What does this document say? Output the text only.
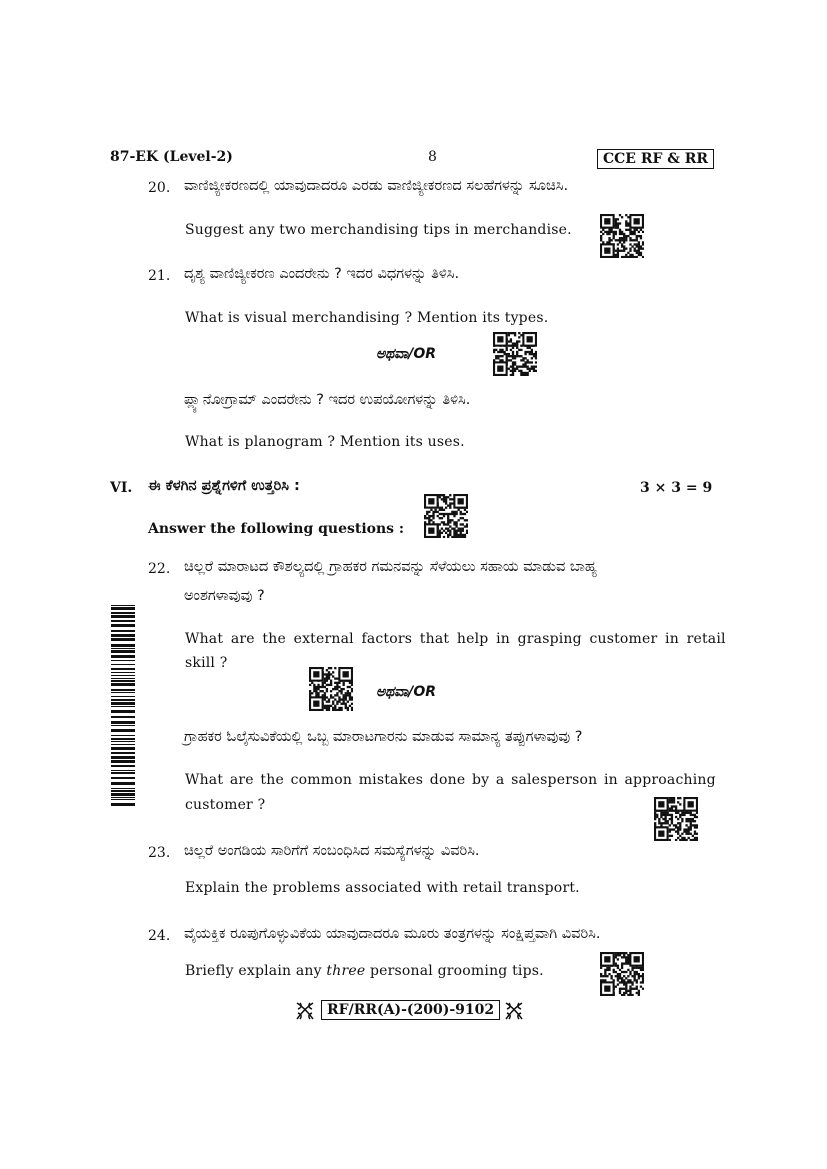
87-EK (Level-2)	8	CCE RF & RR
20. ವಾಣಿಜ್ಯೀಕರಣದಲ್ಲಿ ಯಾವುದಾದರೂ ಎರಡು ವಾಣಿಜ್ಯೀಕರಣದ ಸಲಹೆಗಳನ್ನು ಸೂಚಿಸಿ.
Suggest any two merchandising tips in merchandise.
21. ದೃಶ್ಯ ವಾಣಿಜ್ಯೀಕರಣ ಎಂದರೇನು ? ಇದರ ವಿಧಗಳನ್ನು ತಿಳಿಸಿ.
What is visual merchandising ? Mention its types.
ಅಥವಾ/OR
ಪ್ಲ್ಯಾನೋಗ್ರಾಮ್ ಎಂದರೇನು ? ಇದರ ಉಪಯೋಗಳನ್ನು ತಿಳಿಸಿ.
What is planogram ? Mention its uses.
VI. ಈ ಕೆಳಗಿನ ಪ್ರಶ್ನೆಗಳಿಗೆ ಉತ್ತರಿಸಿ :	3 × 3 = 9
Answer the following questions :
22. ಚಿಲ್ಲರೆ ಮಾರಾಟದ ಕೌಶಲ್ಯದಲ್ಲಿ ಗ್ರಾಹಕರ ಗಮನವನ್ನು ಸೆಳೆಯಲು ಸಹಾಯ ಮಾಡುವ ಬಾಹ್ಯ
ಅಂಶಗಳಾವುವು ?
What are the external factors that help in grasping customer in retail
skill ?
ಅಥವಾ/OR
ಗ್ರಾಹಕರ ಓಲೈಸುವಿಕೆಯಲ್ಲಿ ಒಬ್ಬ ಮಾರಾಟಗಾರನು ಮಾಡುವ ಸಾಮಾನ್ಯ ತಪ್ಪುಗಳಾವುವು ?
What are the common mistakes done by a salesperson in approaching
customer ?
23. ಚಿಲ್ಲರೆ ಅಂಗಡಿಯ ಸಾರಿಗೆಗೆ ಸಂಬಂಧಿಸಿದ ಸಮಸ್ಯೆಗಳನ್ನು ವಿವರಿಸಿ.
Explain the problems associated with retail transport.
24. ವೈಯಕ್ತಿಕ ರೂಪುಗೊಳ್ಳುವಿಕೆಯ ಯಾವುದಾದರೂ ಮೂರು ತಂತ್ರಗಳನ್ನು ಸಂಕ್ಷಿಪ್ತವಾಗಿ ವಿವರಿಸಿ.
Briefly explain any three personal grooming tips.
RF/RR(A)-(200)-9102
